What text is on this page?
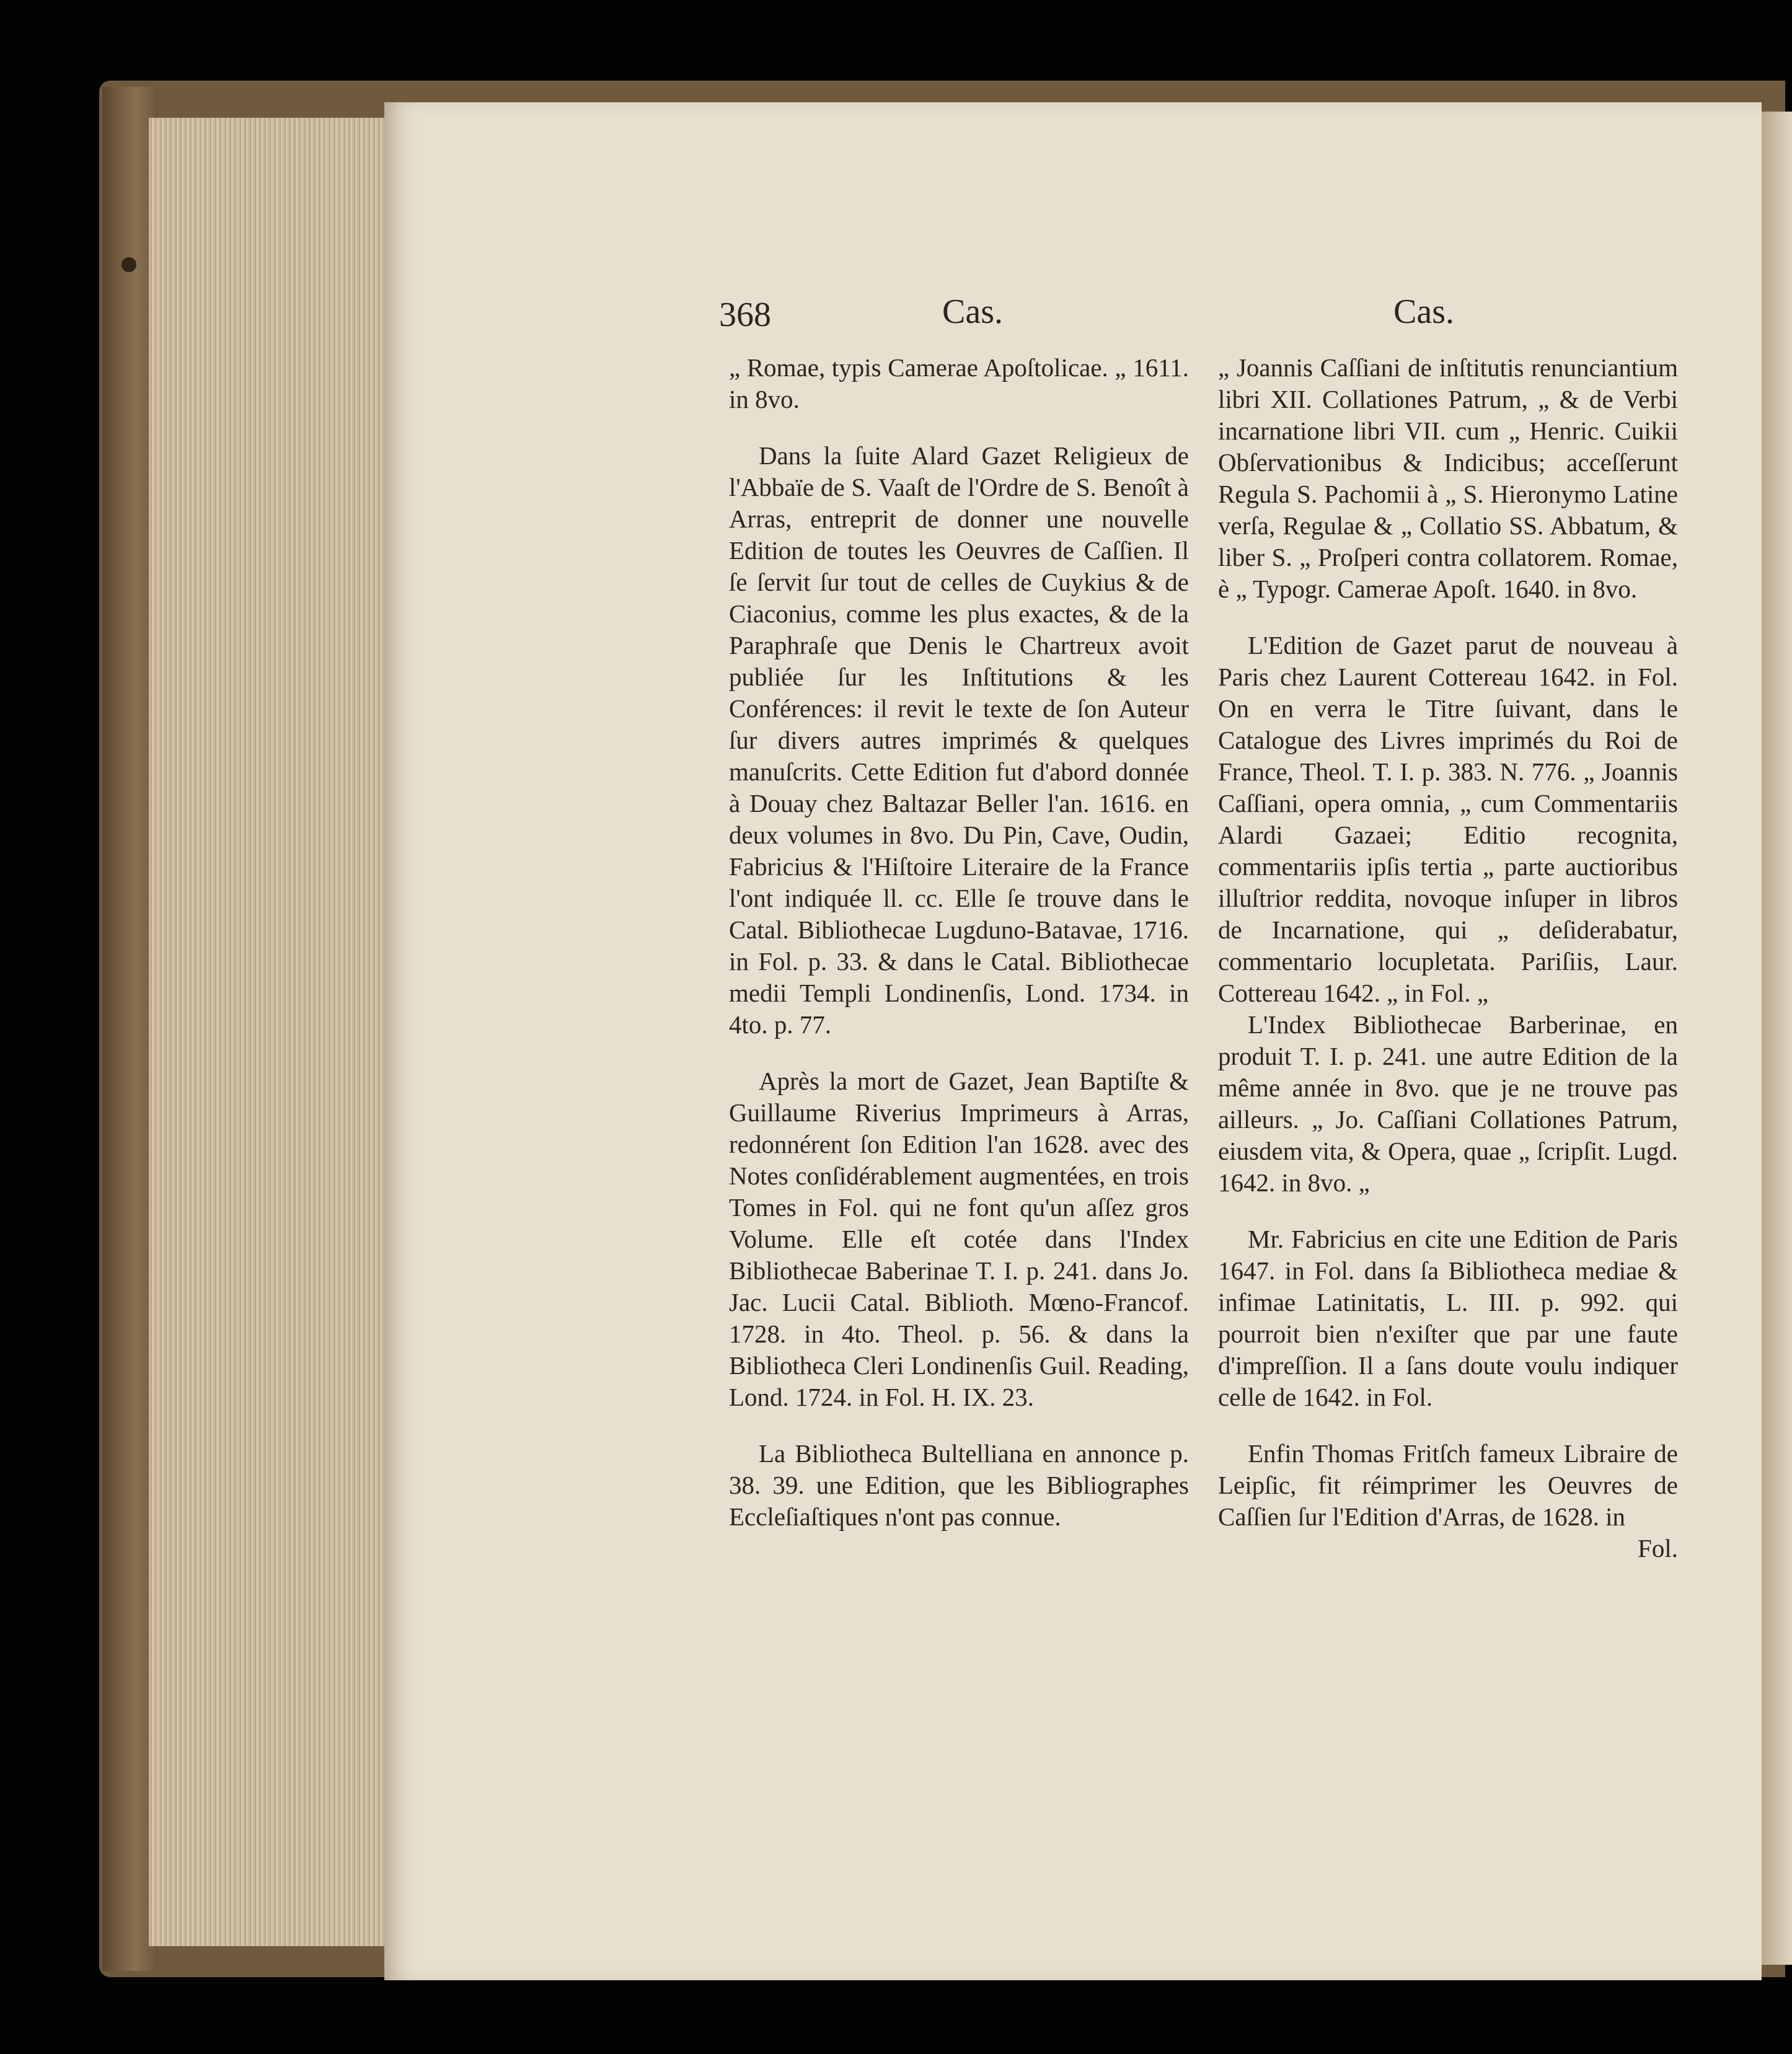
368	Cas.	Cas.

„ Romae, typis Camerae Apoſtolicae. „ 1611. in 8vo.

Dans la ſuite Alard Gazet Religieux de l'Abbaïe de S. Vaaſt de l'Ordre de S. Benoît à Arras, entreprit de donner une nouvelle Edition de toutes les Oeuvres de Caſſien. Il ſe ſervit ſur tout de celles de Cuykius & de Ciaconius, comme les plus exactes, & de la Paraphraſe que Denis le Chartreux avoit publiée ſur les Inſtitutions & les Conférences: il revit le texte de ſon Auteur ſur divers autres imprimés & quelques manuſcrits. Cette Edition fut d'abord donnée à Douay chez Baltazar Beller l'an. 1616. en deux volumes in 8vo. Du Pin, Cave, Oudin, Fabricius & l'Hiſtoire Literaire de la France l'ont indiquée ll. cc. Elle ſe trouve dans le Catal. Bibliothecae Lugduno-Batavae, 1716. in Fol. p. 33. & dans le Catal. Bibliothecae medii Templi Londinenſis, Lond. 1734. in 4to. p. 77.

Après la mort de Gazet, Jean Baptiſte & Guillaume Riverius Imprimeurs à Arras, redonnérent ſon Edition l'an 1628. avec des Notes conſidérablement augmentées, en trois Tomes in Fol. qui ne font qu'un aſſez gros Volume. Elle eſt cotée dans l'Index Bibliothecae Baberinae T. I. p. 241. dans Jo. Jac. Lucii Catal. Biblioth. Mœno-Francof. 1728. in 4to. Theol. p. 56. & dans la Bibliotheca Cleri Londinenſis Guil. Reading, Lond. 1724. in Fol. H. IX. 23.

La Bibliotheca Bultelliana en annonce p. 38. 39. une Edition, que les Bibliographes Eccleſiaſtiques n'ont pas connue.

„ Joannis Caſſiani de inſtitutis renunciantium libri XII. Collationes Patrum, „ & de Verbi incarnatione libri VII. cum „ Henric. Cuikii Obſervationibus & Indicibus; acceſſerunt Regula S. Pachomii à „ S. Hieronymo Latine verſa, Regulae & „ Collatio SS. Abbatum, & liber S. „ Proſperi contra collatorem. Romae, è „ Typogr. Camerae Apoſt. 1640. in 8vo.

L'Edition de Gazet parut de nouveau à Paris chez Laurent Cottereau 1642. in Fol. On en verra le Titre ſuivant, dans le Catalogue des Livres imprimés du Roi de France, Theol. T. I. p. 383. N. 776. „ Joannis Caſſiani, opera omnia, „ cum Commentariis Alardi Gazaei; Editio recognita, commentariis ipſis tertia „ parte auctioribus illuſtrior reddita, novoque inſuper in libros de Incarnatione, qui „ deſiderabatur, commentario locupletata. Pariſiis, Laur. Cottereau 1642. „ in Fol. „

L'Index Bibliothecae Barberinae, en produit T. I. p. 241. une autre Edition de la même année in 8vo. que je ne trouve pas ailleurs. „ Jo. Caſſiani Collationes Patrum, eiusdem vita, & Opera, quae „ ſcripſit. Lugd. 1642. in 8vo. „

Mr. Fabricius en cite une Edition de Paris 1647. in Fol. dans ſa Bibliotheca mediae & infimae Latinitatis, L. III. p. 992. qui pourroit bien n'exiſter que par une faute d'impreſſion. Il a ſans doute voulu indiquer celle de 1642. in Fol.

Enfin Thomas Fritſch fameux Libraire de Leipſic, fit réimprimer les Oeuvres de Caſſien ſur l'Edition d'Arras, de 1628. in

Fol.
